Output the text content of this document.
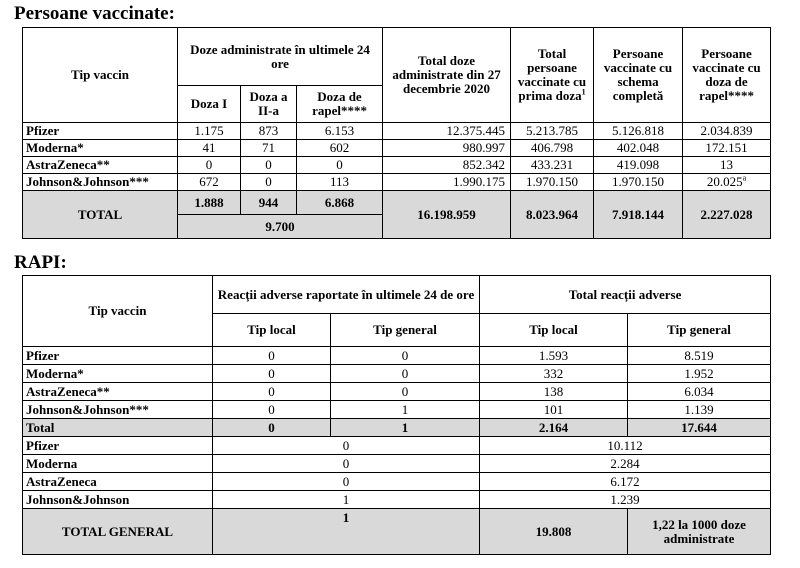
Persoane vaccinate:
Tip vaccin	Doze administrate în ultimele 24 ore			Total doze administrate din 27 decembrie 2020	Total persoane vaccinate cu prima doza$^1$	Persoane vaccinate cu schema completă	Persoane vaccinate cu doza de rapel****
	Doza I	Doza a II-a	Doza de rapel****				
Pfizer	1.175	873	6.153	12.375.445	5.213.785	5.126.818	2.034.839
Moderna*	41	71	602	980.997	406.798	402.048	172.151
AstraZeneca**	0	0	0	852.342	433.231	419.098	13
Johnson&Johnson***	672	0	113	1.990.175	1.970.150	1.970.150	20.025$^a$
TOTAL	1.888	944	6.868	16.198.959	8.023.964	7.918.144	2.227.028
	9.700						
RAPI:
Tip vaccin	Reacții adverse raportate în ultimele 24 de ore		Total reacții adverse	
	Tip local	Tip general	Tip local	Tip general
Pfizer	0	0	1.593	8.519
Moderna*	0	0	332	1.952
AstraZeneca**	0	0	138	6.034
Johnson&Johnson***	0	1	101	1.139
Total	0	1	2.164	17.644
Pfizer	0		10.112	
Moderna	0		2.284	
AstraZeneca	0		6.172	
Johnson&Johnson	1		1.239	
TOTAL GENERAL	1		19.808	1,22 la 1000 doze administrate
